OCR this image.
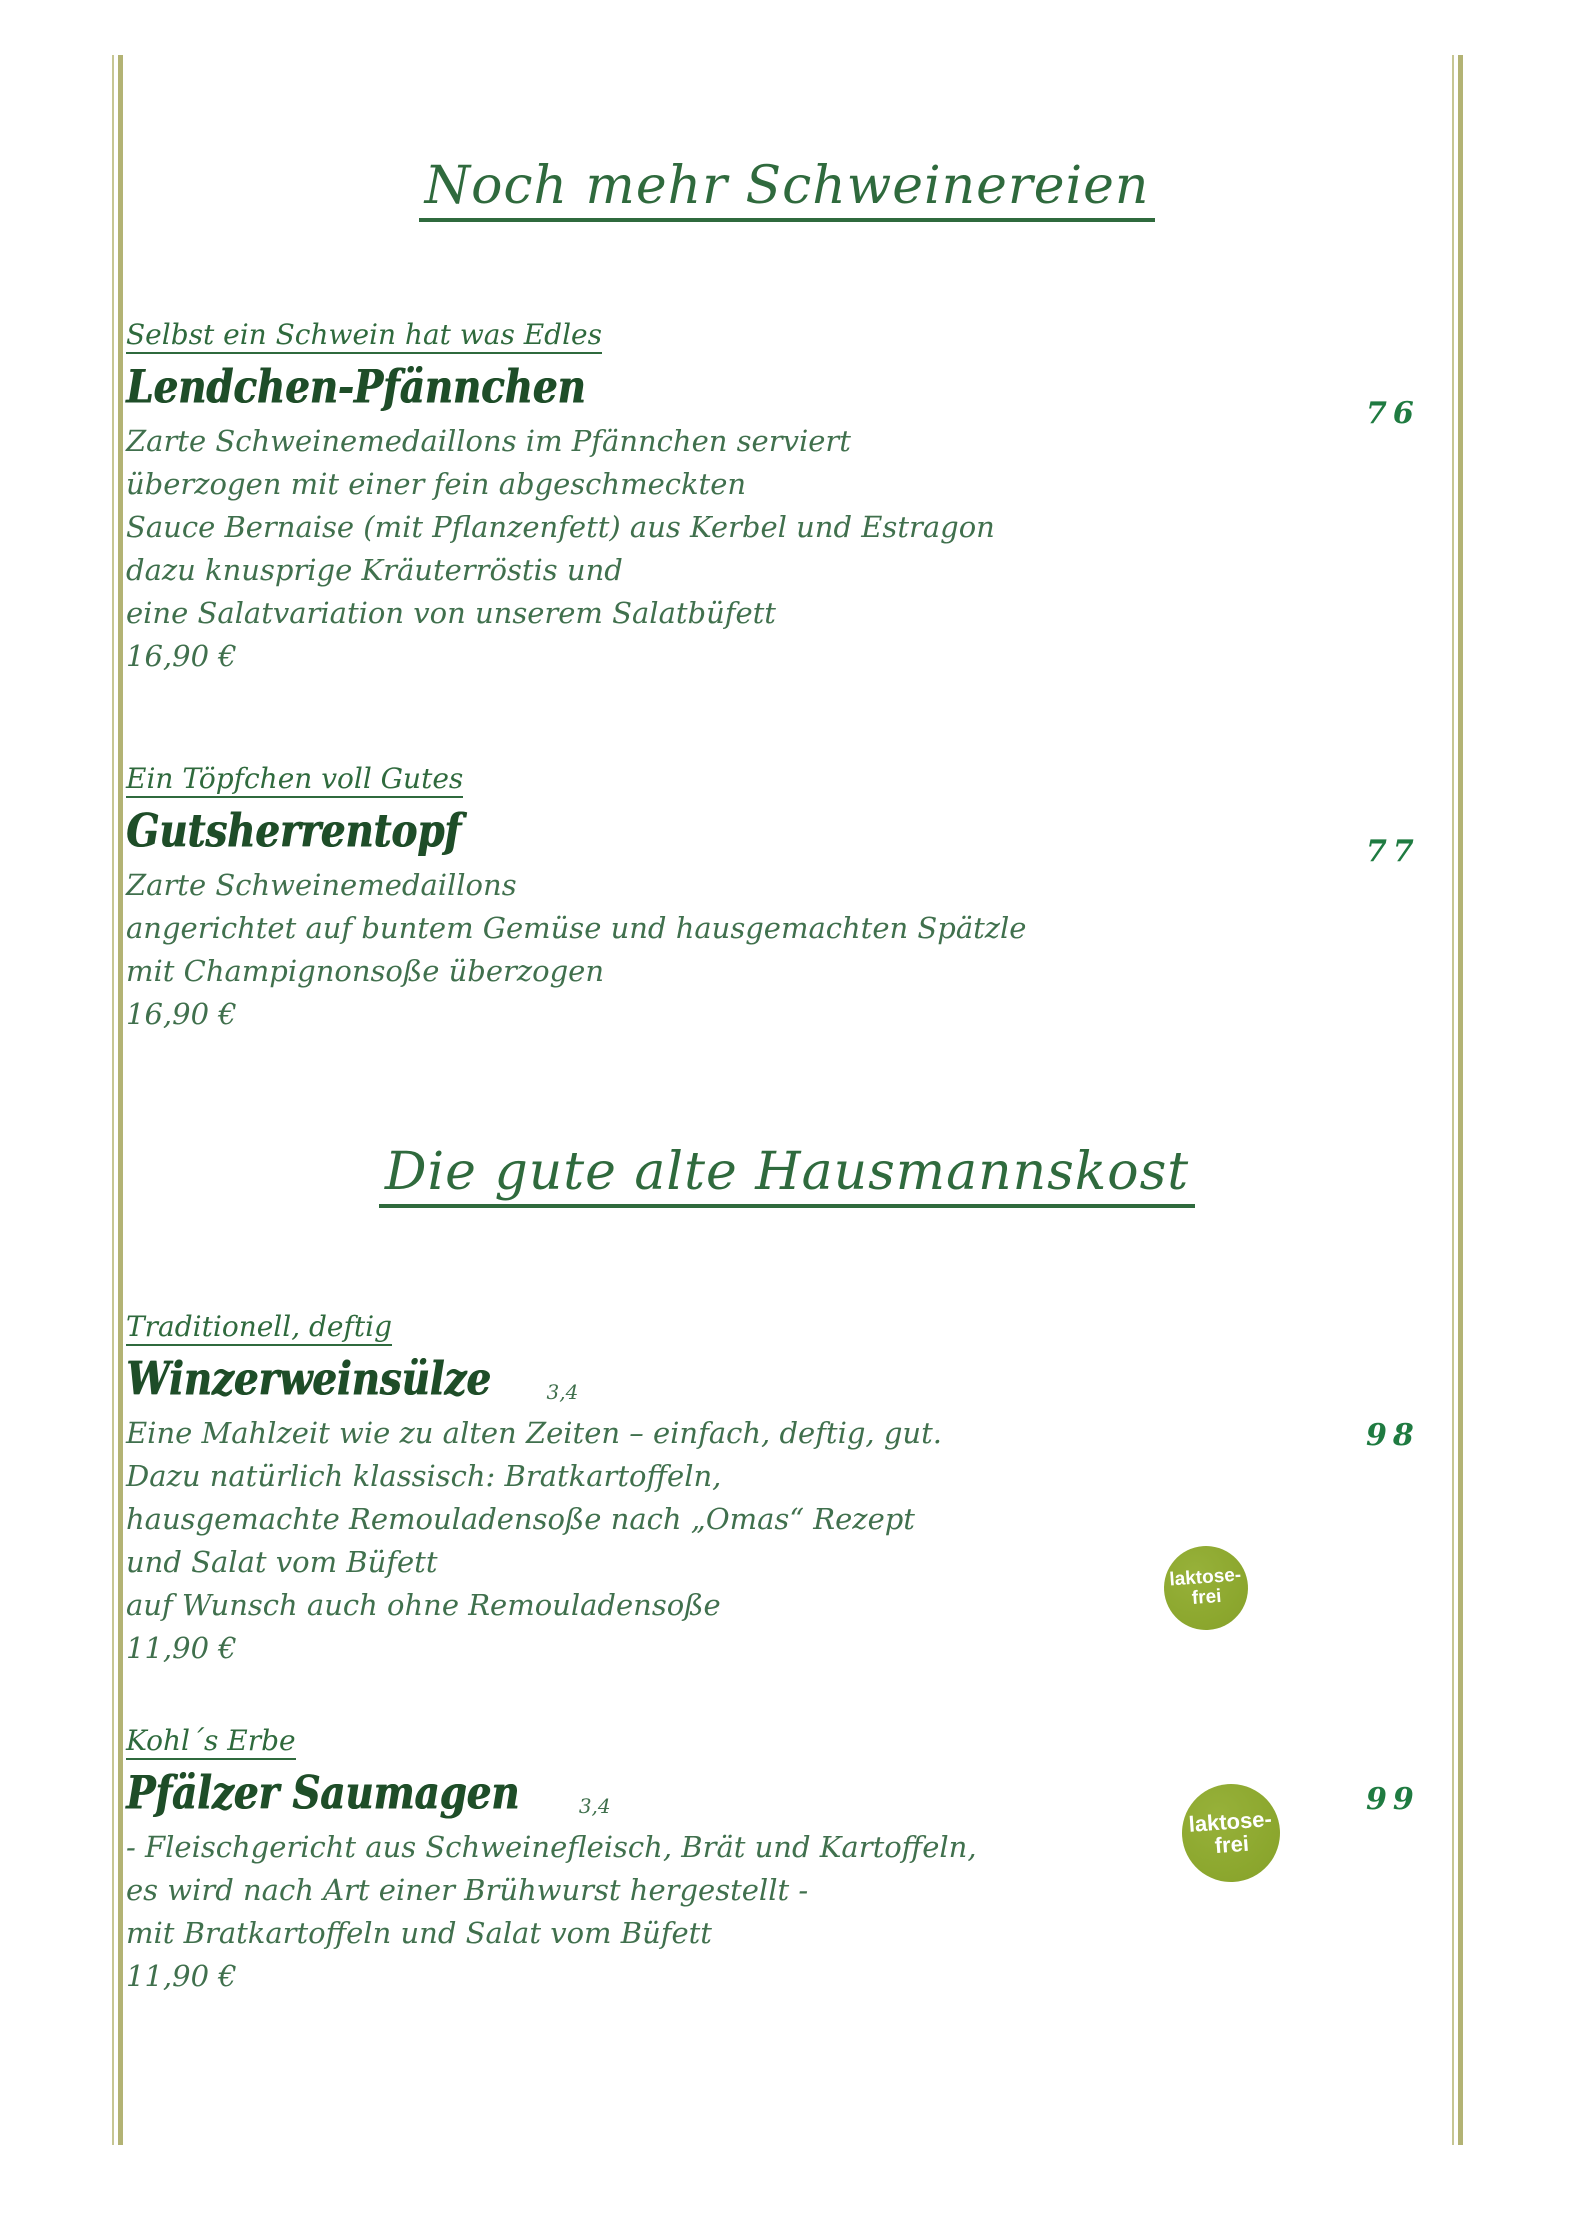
Noch mehr Schweinereien
Selbst ein Schwein hat was Edles
Lendchen-Pfännchen
Zarte Schweinemedaillons im Pfännchen serviert
überzogen mit einer fein abgeschmeckten
Sauce Bernaise (mit Pflanzenfett) aus Kerbel und Estragon
dazu knusprige Kräuterröstis und
eine Salatvariation von unserem Salatbüfett
16,90 €
76
Ein Töpfchen voll Gutes
Gutsherrentopf
Zarte Schweinemedaillons
angerichtet auf buntem Gemüse und hausgemachten Spätzle
mit Champignonsoße überzogen
16,90 €
77
Die gute alte Hausmannskost
Traditionell, deftig
Winzerweinsülze	3,4
Eine Mahlzeit wie zu alten Zeiten – einfach, deftig, gut.
Dazu natürlich klassisch: Bratkartoffeln,
hausgemachte Remouladensoße nach „Omas“ Rezept
und Salat vom Büfett
auf Wunsch auch ohne Remouladensoße
11,90 €
98
laktose-
frei
Kohl´s Erbe
Pfälzer Saumagen	3,4
- Fleischgericht aus Schweinefleisch, Brät und Kartoffeln,
es wird nach Art einer Brühwurst hergestellt -
mit Bratkartoffeln und Salat vom Büfett
11,90 €
99
laktose-
frei
